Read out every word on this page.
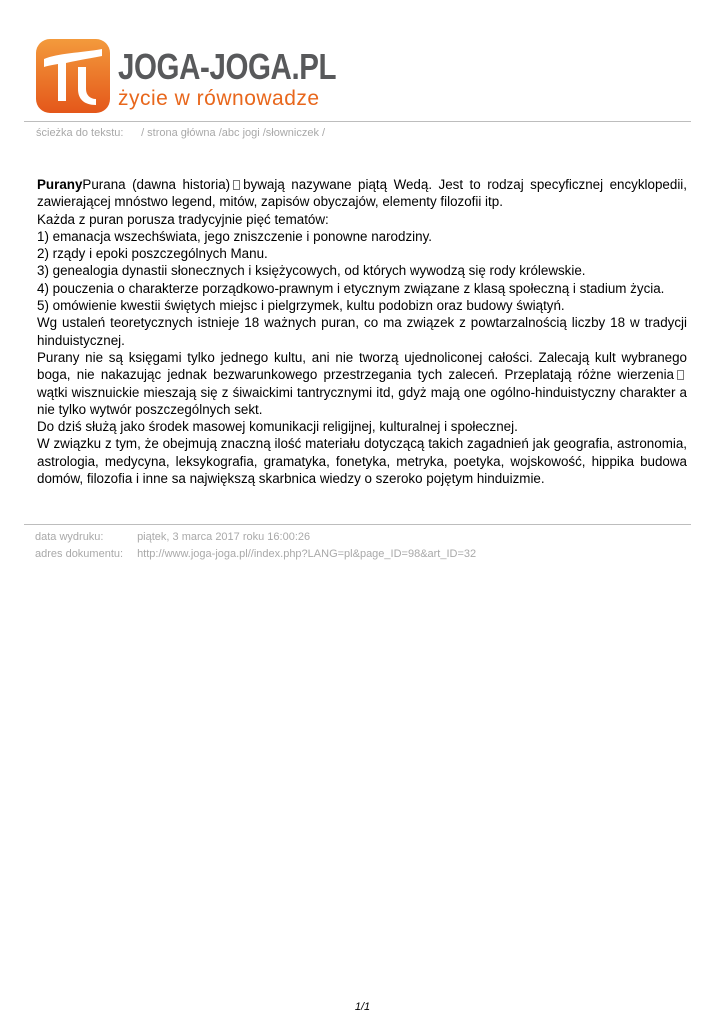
JOGA-JOGA.PL
życie w równowadze
ścieżka do tekstu: / strona główna /abc jogi /słowniczek /

PuranyPurana (dawna historia) bywają nazywane piątą Wedą. Jest to rodzaj specyficznej encyklopedii, zawierającej mnóstwo legend, mitów, zapisów obyczajów, elementy filozofii itp.

Każda z puran porusza tradycyjnie pięć tematów:

1) emanacja wszechświata, jego zniszczenie i ponowne narodziny.

2) rządy i epoki poszczególnych Manu.

3) genealogia dynastii słonecznych i księżycowych, od których wywodzą się rody królewskie.

4) pouczenia o charakterze porządkowo-prawnym i etycznym związane z klasą społeczną i stadium życia.

5) omówienie kwestii świętych miejsc i pielgrzymek, kultu podobizn oraz budowy świątyń.

Wg ustaleń teoretycznych istnieje 18 ważnych puran, co ma związek z powtarzalnością liczby 18 w tradycji hinduistycznej.

Purany nie są księgami tylko jednego kultu, ani nie tworzą ujednoliconej całości. Zalecają kult wybranego boga, nie nakazując jednak bezwarunkowego przestrzegania tych zaleceń. Przeplatają różne wierzeniawątki wisznuickie mieszają się z śiwaickimi tantrycznymi itd, gdyż mają one ogólno-hinduistyczny charakter a nie tylko wytwór poszczególnych sekt.

Do dziś służą jako środek masowej komunikacji religijnej, kulturalnej i społecznej.

W związku z tym, że obejmują znaczną ilość materiału dotyczącą takich zagadnień jak geografia, astronomia, astrologia, medycyna, leksykografia, gramatyka, fonetyka, metryka, poetyka, wojskowość, hippika budowa domów, filozofia i inne sa największą skarbnica wiedzy o szeroko pojętym hinduizmie.

data wydruku:	piątek, 3 marca 2017 roku 16:00:26
adres dokumentu: http://www.joga-joga.pl//index.php?LANG=pl&page_ID=98&art_ID=32
1/1
